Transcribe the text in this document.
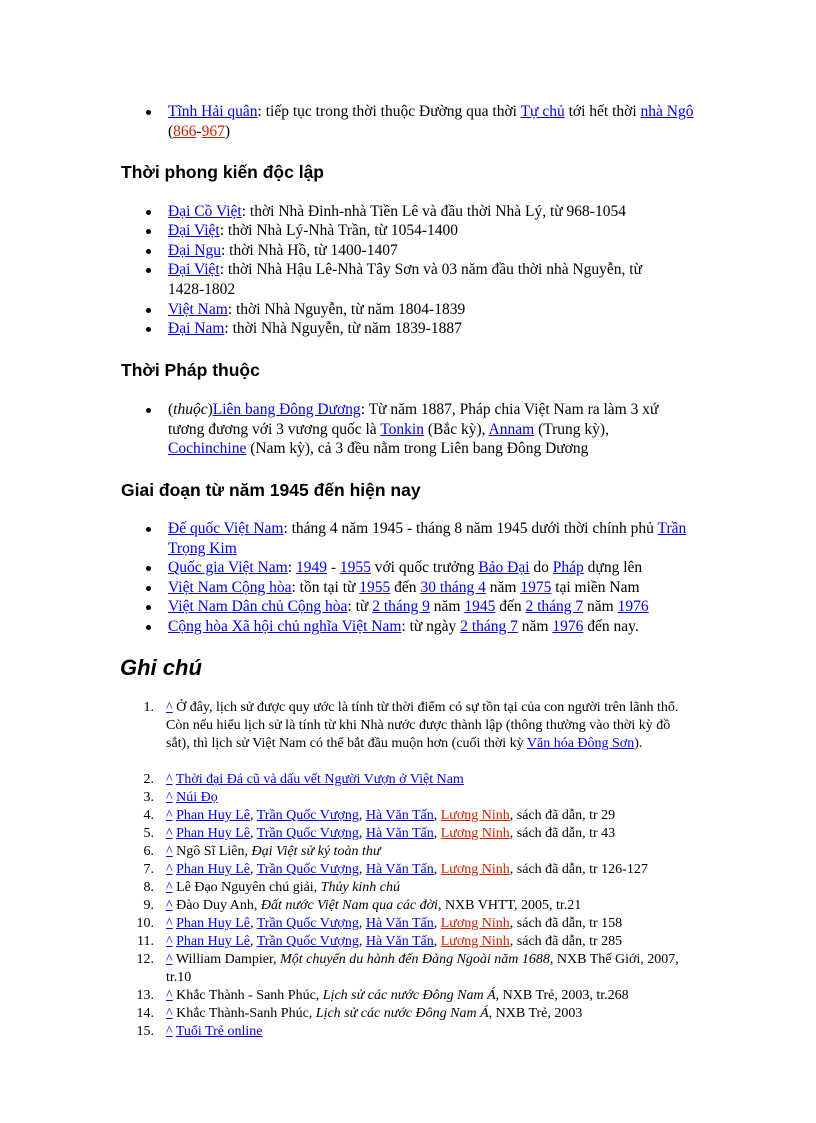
Tĩnh Hải quân: tiếp tục trong thời thuộc Đường qua thời Tự chủ tới hết thời nhà Ngô (866-967)
Thời phong kiến độc lập
Đại Cồ Việt: thời Nhà Đinh-nhà Tiền Lê và đầu thời Nhà Lý, từ 968-1054
Đại Việt: thời Nhà Lý-Nhà Trần, từ 1054-1400
Đại Ngu: thời Nhà Hồ, từ 1400-1407
Đại Việt: thời Nhà Hậu Lê-Nhà Tây Sơn và 03 năm đầu thời nhà Nguyễn, từ 1428-1802
Việt Nam: thời Nhà Nguyễn, từ năm 1804-1839
Đại Nam: thời Nhà Nguyễn, từ năm 1839-1887
Thời Pháp thuộc
(thuộc)Liên bang Đông Dương: Từ năm 1887, Pháp chia Việt Nam ra làm 3 xứ tương đương với 3 vương quốc là Tonkin (Bắc kỳ), Annam (Trung kỳ), Cochinchine (Nam kỳ), cả 3 đều nằm trong Liên bang Đông Dương
Giai đoạn từ năm 1945 đến hiện nay
Đế quốc Việt Nam: tháng 4 năm 1945 - tháng 8 năm 1945 dưới thời chính phủ Trần Trọng Kim
Quốc gia Việt Nam: 1949 - 1955 với quốc trưởng Bảo Đại do Pháp dựng lên
Việt Nam Cộng hòa: tồn tại từ 1955 đến 30 tháng 4 năm 1975 tại miền Nam
Việt Nam Dân chủ Cộng hòa: từ 2 tháng 9 năm 1945 đến 2 tháng 7 năm 1976
Cộng hòa Xã hội chủ nghĩa Việt Nam: từ ngày 2 tháng 7 năm 1976 đến nay.
Ghi chú
1. ^ Ở đây, lịch sử được quy ước là tính từ thời điểm có sự tồn tại của con người trên lãnh thổ. Còn nếu hiểu lịch sử là tính từ khi Nhà nước được thành lập (thông thường vào thời kỳ đồ sắt), thì lịch sử Việt Nam có thể bắt đầu muộn hơn (cuối thời kỳ Văn hóa Đông Sơn).
2. ^ Thời đại Đá cũ và dấu vết Người Vượn ở Việt Nam
3. ^ Núi Đọ
4. ^ Phan Huy Lê, Trần Quốc Vượng, Hà Văn Tấn, Lương Ninh, sách đã dẫn, tr 29
5. ^ Phan Huy Lê, Trần Quốc Vượng, Hà Văn Tấn, Lương Ninh, sách đã dẫn, tr 43
6. ^ Ngô Sĩ Liên, Đại Việt sử ký toàn thư
7. ^ Phan Huy Lê, Trần Quốc Vượng, Hà Văn Tấn, Lương Ninh, sách đã dẫn, tr 126-127
8. ^ Lê Đạo Nguyên chú giải, Thủy kinh chú
9. ^ Đào Duy Anh, Đất nước Việt Nam qua các đời, NXB VHTT, 2005, tr.21
10. ^ Phan Huy Lê, Trần Quốc Vượng, Hà Văn Tấn, Lương Ninh, sách đã dẫn, tr 158
11. ^ Phan Huy Lê, Trần Quốc Vượng, Hà Văn Tấn, Lương Ninh, sách đã dẫn, tr 285
12. ^ William Dampier, Một chuyến du hành đến Đàng Ngoài năm 1688, NXB Thế Giới, 2007, tr.10
13. ^ Khắc Thành - Sanh Phúc, Lịch sử các nước Đông Nam Á, NXB Trẻ, 2003, tr.268
14. ^ Khắc Thành-Sanh Phúc, Lịch sử các nước Đông Nam Á, NXB Trẻ, 2003
15. ^ Tuổi Trẻ online
